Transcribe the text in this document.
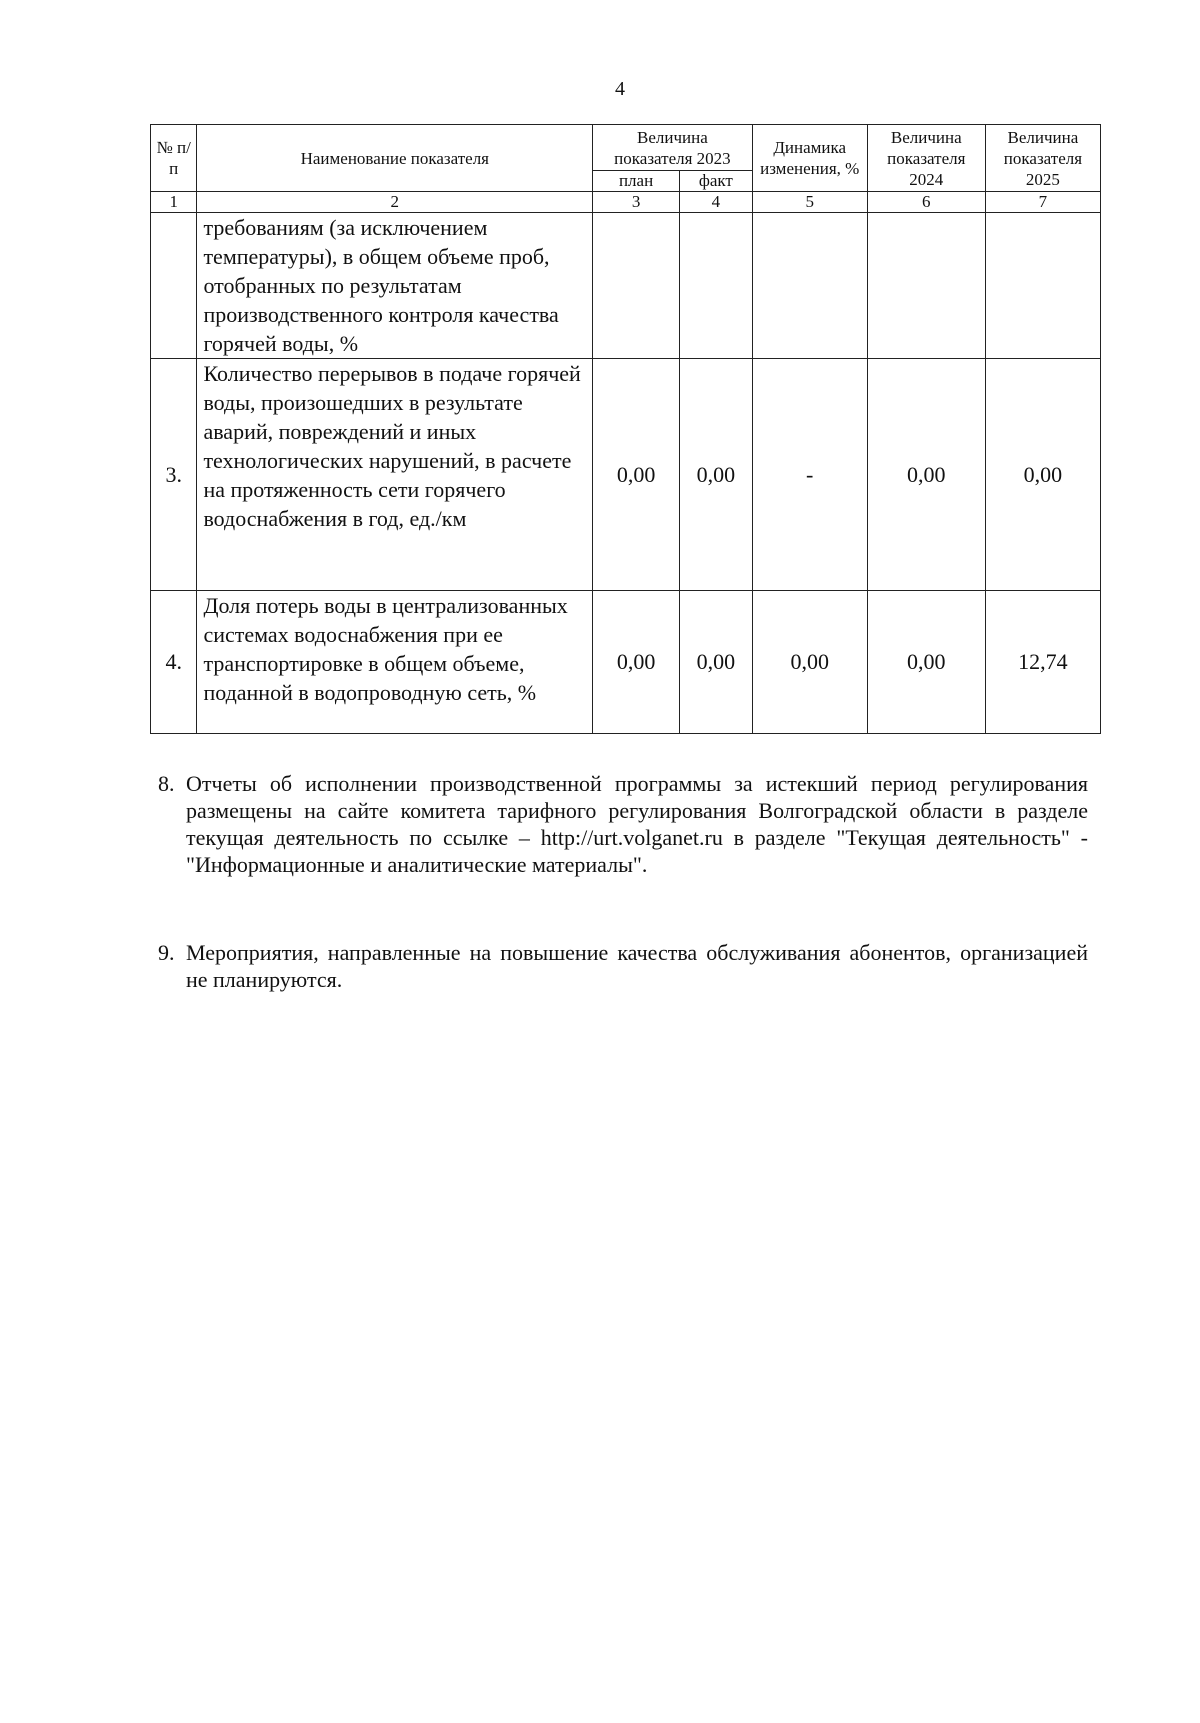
4
№ п/п	Наименование показателя	Величина показателя 2023		Динамика изменения, %	Величина показателя 2024	Величина показателя 2025
		план	факт			
1	2	3	4	5	6	7
	требованиям (за исключением температуры), в общем объеме проб, отобранных по результатам производственного контроля качества горячей воды, %					
3.	Количество перерывов в подаче горячей воды, произошедших в результате аварий, повреждений и иных технологических нарушений, в расчете на протяженность сети горячего водоснабжения в год, ед./км	0,00	0,00	-	0,00	0,00
4.	Доля потерь воды в централизованных системах водоснабжения при ее транспортировке в общем объеме, поданной в водопроводную сеть, %	0,00	0,00	0,00	0,00	12,74
8. Отчеты об исполнении производственной программы за истекший период регулирования размещены на сайте комитета тарифного регулирования Волгоградской области в разделе текущая деятельность по ссылке – http://urt.volganet.ru в разделе "Текущая деятельность" - "Информационные и аналитические материалы".
9. Мероприятия, направленные на повышение качества обслуживания абонентов, организацией не планируются.
